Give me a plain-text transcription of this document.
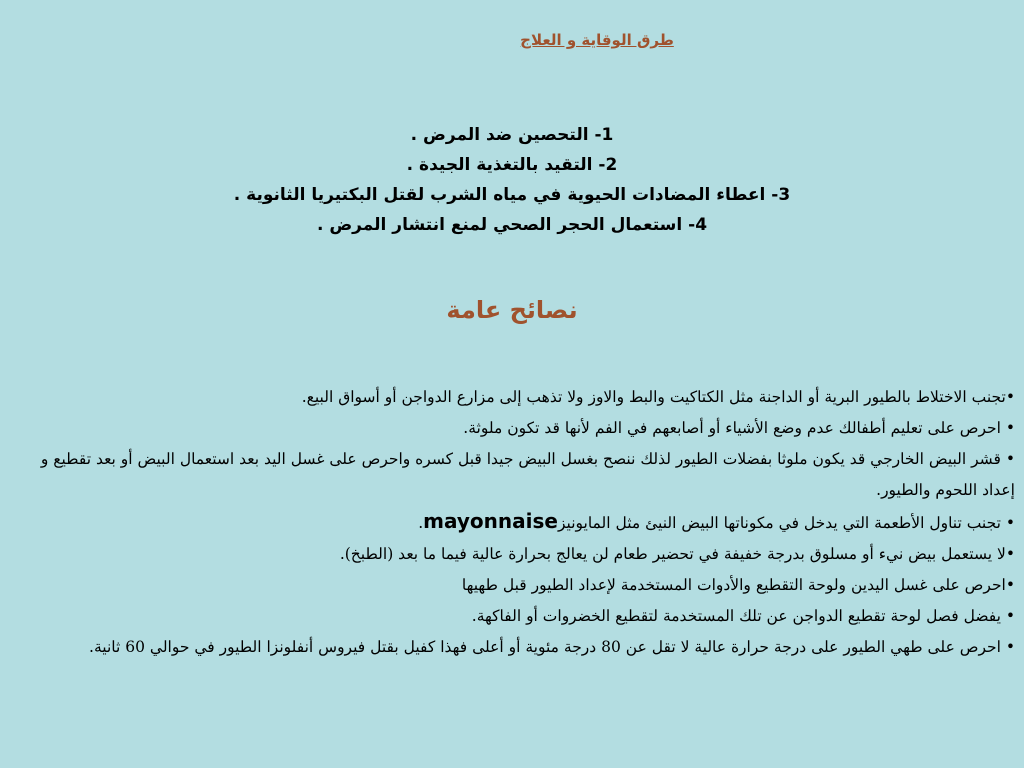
طرق الوقاية و العلاج
1- التحصين ضد المرض .
2- التقيد بالتغذية الجيدة .
3- اعطاء المضادات الحيوية في مياه الشرب لقتل البكتيريا الثانوية .
4- استعمال الحجر الصحي لمنع انتشار المرض .
نصائح عامة

•تجنب الاختلاط بالطيور البرية أو الداجنة مثل الكتاكيت والبط والاوز ولا تذهب إلى مزارع الدواجن أو أسواق البيع.

• احرص على تعليم أطفالك عدم وضع الأشياء أو أصابعهم في الفم لأنها قد تكون ملوثة.

• قشر البيض الخارجي قد يكون ملوثا بفضلات الطيور لذلك ننصح بغسل البيض جيدا قبل كسره واحرص على غسل اليد بعد استعمال البيض أو بعد تقطيع و إعداد اللحوم والطيور.

• تجنب تناول الأطعمة التي يدخل في مكوناتها البيض النيئ مثل المايونيزmayonnaise.

•لا يستعمل بيض نيء أو مسلوق بدرجة خفيفة في تحضير طعام لن يعالج بحرارة عالية فيما ما بعد (الطبخ).

•احرص على غسل اليدين ولوحة التقطيع والأدوات المستخدمة لإعداد الطيور قبل طهيها

• يفضل فصل لوحة تقطيع الدواجن عن تلك المستخدمة لتقطيع الخضروات أو الفاكهة.

• احرص على طهي الطيور على درجة حرارة عالية لا تقل عن 80 درجة مئوية أو أعلى فهذا كفيل بقتل فيروس أنفلونزا الطيور في حوالي 60 ثانية.
